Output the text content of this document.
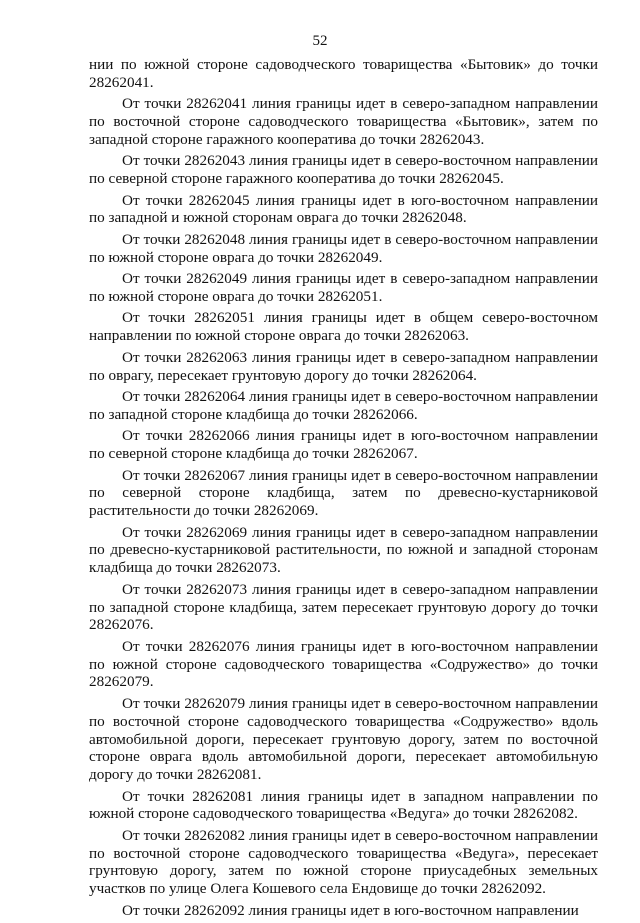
52

нии по южной стороне садоводческого товарищества «Бытовик» до точки 28262041.

От точки 28262041 линия границы идет в северо-западном направлении по восточной стороне садоводческого товарищества «Бытовик», затем по западной стороне гаражного кооператива до точки 28262043.

От точки 28262043 линия границы идет в северо-восточном направлении по северной стороне гаражного кооператива до точки 28262045.

От точки 28262045 линия границы идет в юго-восточном направлении по западной и южной сторонам оврага до точки 28262048.

От точки 28262048 линия границы идет в северо-восточном направлении по южной стороне оврага до точки 28262049.

От точки 28262049 линия границы идет в северо-западном направлении по южной стороне оврага до точки 28262051.

От точки 28262051 линия границы идет в общем северо-восточном направлении по южной стороне оврага до точки 28262063.

От точки 28262063 линия границы идет в северо-западном направлении по оврагу, пересекает грунтовую дорогу до точки 28262064.

От точки 28262064 линия границы идет в северо-восточном направлении по западной стороне кладбища до точки 28262066.

От точки 28262066 линия границы идет в юго-восточном направлении по северной стороне кладбища до точки 28262067.

От точки 28262067 линия границы идет в северо-восточном направлении по северной стороне кладбища, затем по древесно-кустарниковой растительности до точки 28262069.

От точки 28262069 линия границы идет в северо-западном направлении по древесно-кустарниковой растительности, по южной и западной сторонам кладбища до точки 28262073.

От точки 28262073 линия границы идет в северо-западном направлении по западной стороне кладбища, затем пересекает грунтовую дорогу до точки 28262076.

От точки 28262076 линия границы идет в юго-восточном направлении по южной стороне садоводческого товарищества «Содружество» до точки 28262079.

От точки 28262079 линия границы идет в северо-восточном направлении по восточной стороне садоводческого товарищества «Содружество» вдоль автомобильной дороги, пересекает грунтовую дорогу, затем по восточной стороне оврага вдоль автомобильной дороги, пересекает автомобильную дорогу до точки 28262081.

От точки 28262081 линия границы идет в западном направлении по южной стороне садоводческого товарищества «Ведуга» до точки 28262082.

От точки 28262082 линия границы идет в северо-восточном направлении по восточной стороне садоводческого товарищества «Ведуга», пересекает грунтовую дорогу, затем по южной стороне приусадебных земельных участков по улице Олега Кошевого села Ендовище до точки 28262092.

От точки 28262092 линия границы идет в юго-восточном направлении
